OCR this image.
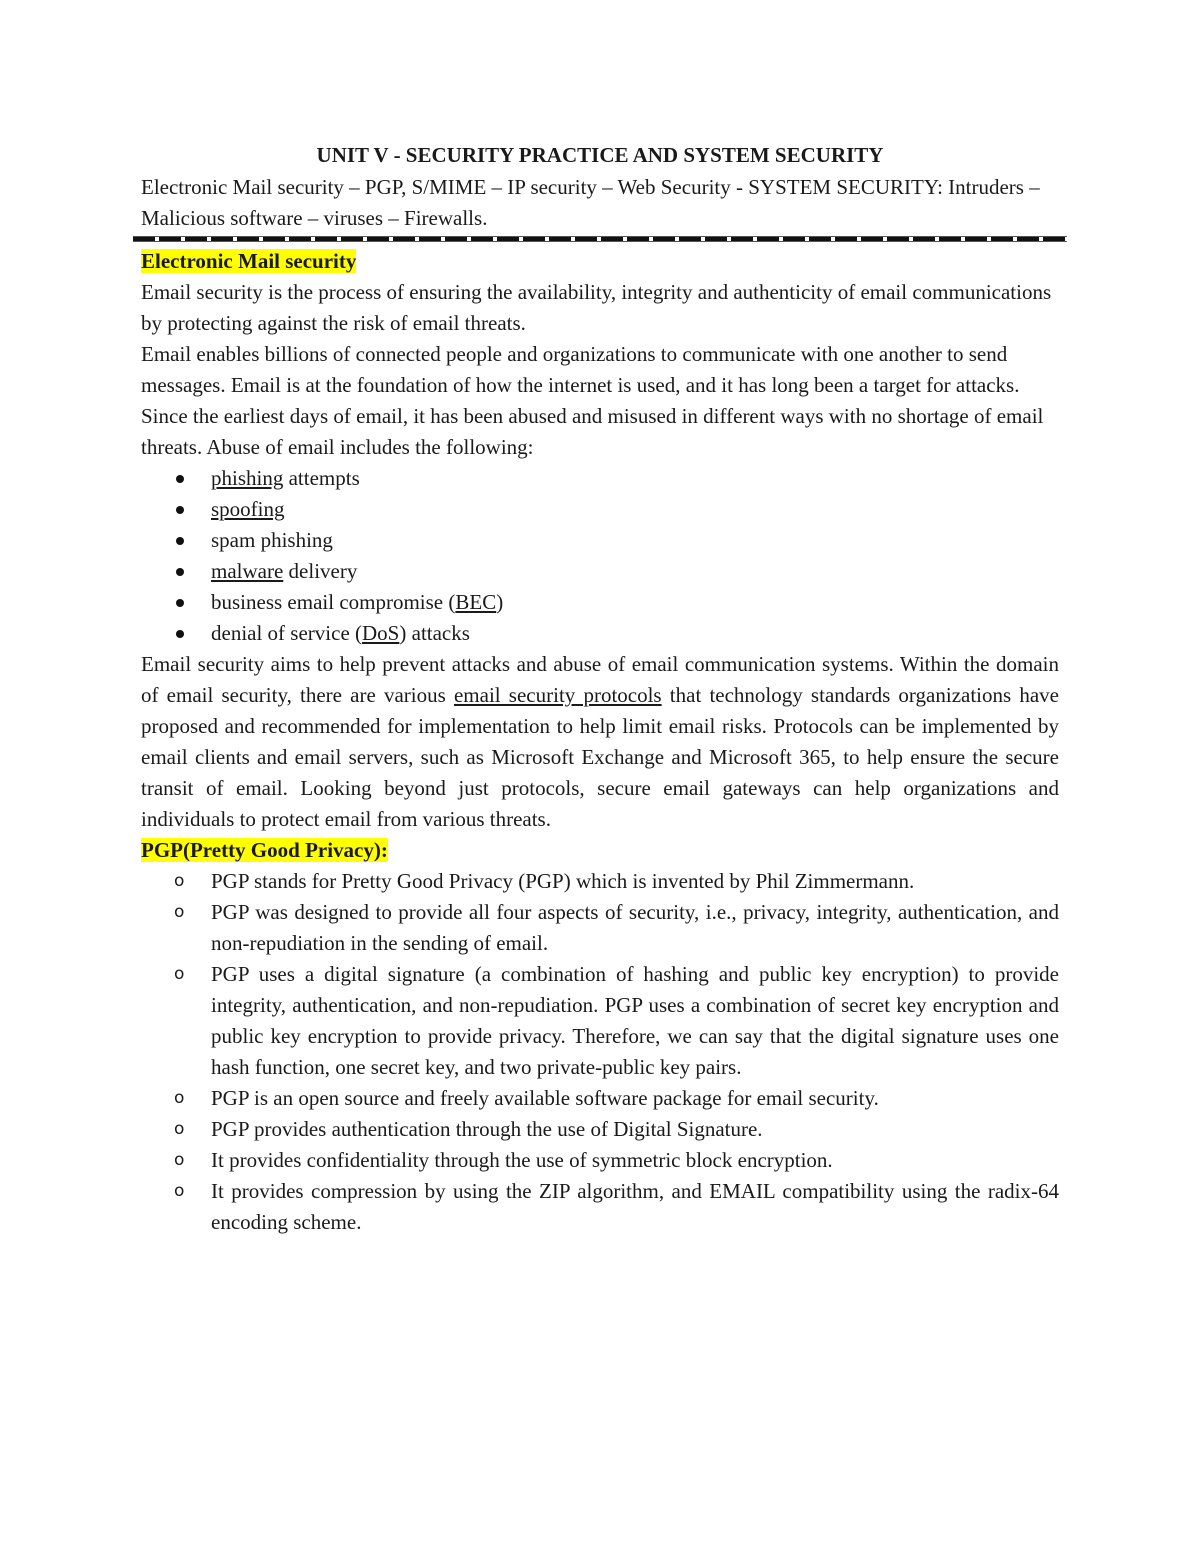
UNIT V - SECURITY PRACTICE AND SYSTEM SECURITY

Electronic Mail security – PGP, S/MIME – IP security – Web Security - SYSTEM SECURITY: Intruders – Malicious software – viruses – Firewalls.

Electronic Mail security

Email security is the process of ensuring the availability, integrity and authenticity of email communications by protecting against the risk of email threats.

Email enables billions of connected people and organizations to communicate with one another to send messages. Email is at the foundation of how the internet is used, and it has long been a target for attacks.

Since the earliest days of email, it has been abused and misused in different ways with no shortage of email threats. Abuse of email includes the following:

phishing attempts
spoofing
spam phishing
malware delivery
business email compromise (BEC)
denial of service (DoS) attacks

Email security aims to help prevent attacks and abuse of email communication systems. Within the domain of email security, there are various email security protocols that technology standards organizations have proposed and recommended for implementation to help limit email risks. Protocols can be implemented by email clients and email servers, such as Microsoft Exchange and Microsoft 365, to help ensure the secure transit of email. Looking beyond just protocols, secure email gateways can help organizations and individuals to protect email from various threats.

PGP(Pretty Good Privacy):

o PGP stands for Pretty Good Privacy (PGP) which is invented by Phil Zimmermann.
o PGP was designed to provide all four aspects of security, i.e., privacy, integrity, authentication, and non-repudiation in the sending of email.
o PGP uses a digital signature (a combination of hashing and public key encryption) to provide integrity, authentication, and non-repudiation. PGP uses a combination of secret key encryption and public key encryption to provide privacy. Therefore, we can say that the digital signature uses one hash function, one secret key, and two private-public key pairs.
o PGP is an open source and freely available software package for email security.
o PGP provides authentication through the use of Digital Signature.
o It provides confidentiality through the use of symmetric block encryption.
o It provides compression by using the ZIP algorithm, and EMAIL compatibility using the radix-64 encoding scheme.
